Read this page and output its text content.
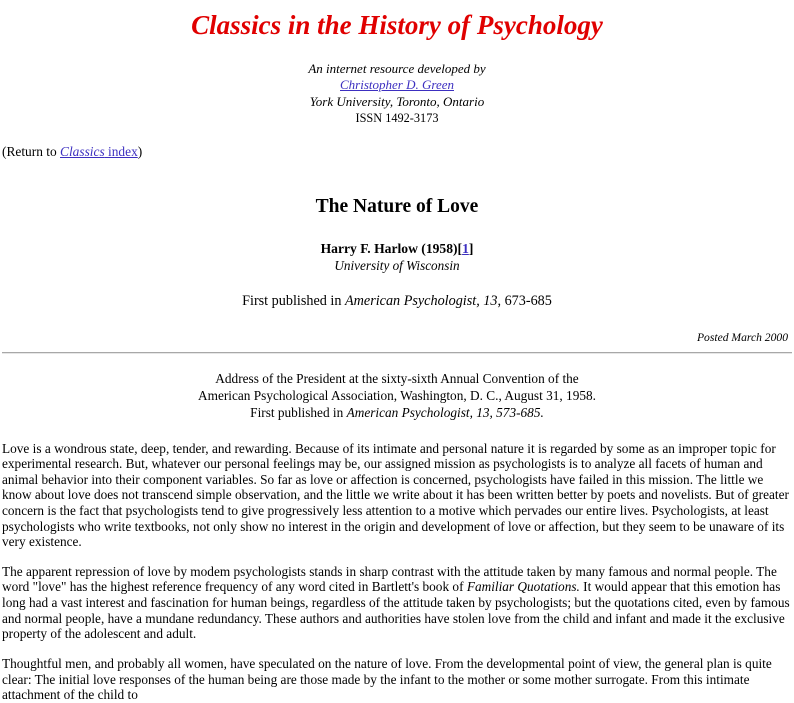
Classics in the History of Psychology
An internet resource developed by
Christopher D. Green
York University, Toronto, Ontario
ISSN 1492-3173
(Return to Classics index)
The Nature of Love
Harry F. Harlow (1958)[1]
University of Wisconsin
First published in American Psychologist, 13, 673-685
Posted March 2000
Address of the President at the sixty-sixth Annual Convention of the
American Psychological Association, Washington, D. C., August 31, 1958.
First published in American Psychologist, 13, 573-685.

Love is a wondrous state, deep, tender, and rewarding. Because of its intimate and personal nature it is regarded by some as an improper topic for experimental research. But, whatever our personal feelings may be, our assigned mission as psychologists is to analyze all facets of human and animal behavior into their component variables. So far as love or affection is concerned, psychologists have failed in this mission. The little we know about love does not transcend simple observation, and the little we write about it has been written better by poets and novelists. But of greater concern is the fact that psychologists tend to give progressively less attention to a motive which pervades our entire lives. Psychologists, at least psychologists who write textbooks, not only show no interest in the origin and development of love or affection, but they seem to be unaware of its very existence.

The apparent repression of love by modem psychologists stands in sharp contrast with the attitude taken by many famous and normal people. The word "love" has the highest reference frequency of any word cited in Bartlett's book of Familiar Quotations. It would appear that this emotion has long had a vast interest and fascination for human beings, regardless of the attitude taken by psychologists; but the quotations cited, even by famous and normal people, have a mundane redundancy. These authors and authorities have stolen love from the child and infant and made it the exclusive property of the adolescent and adult.

Thoughtful men, and probably all women, have speculated on the nature of love. From the developmental point of view, the general plan is quite clear: The initial love responses of the human being are those made by the infant to the mother or some mother surrogate. From this intimate attachment of the child to
